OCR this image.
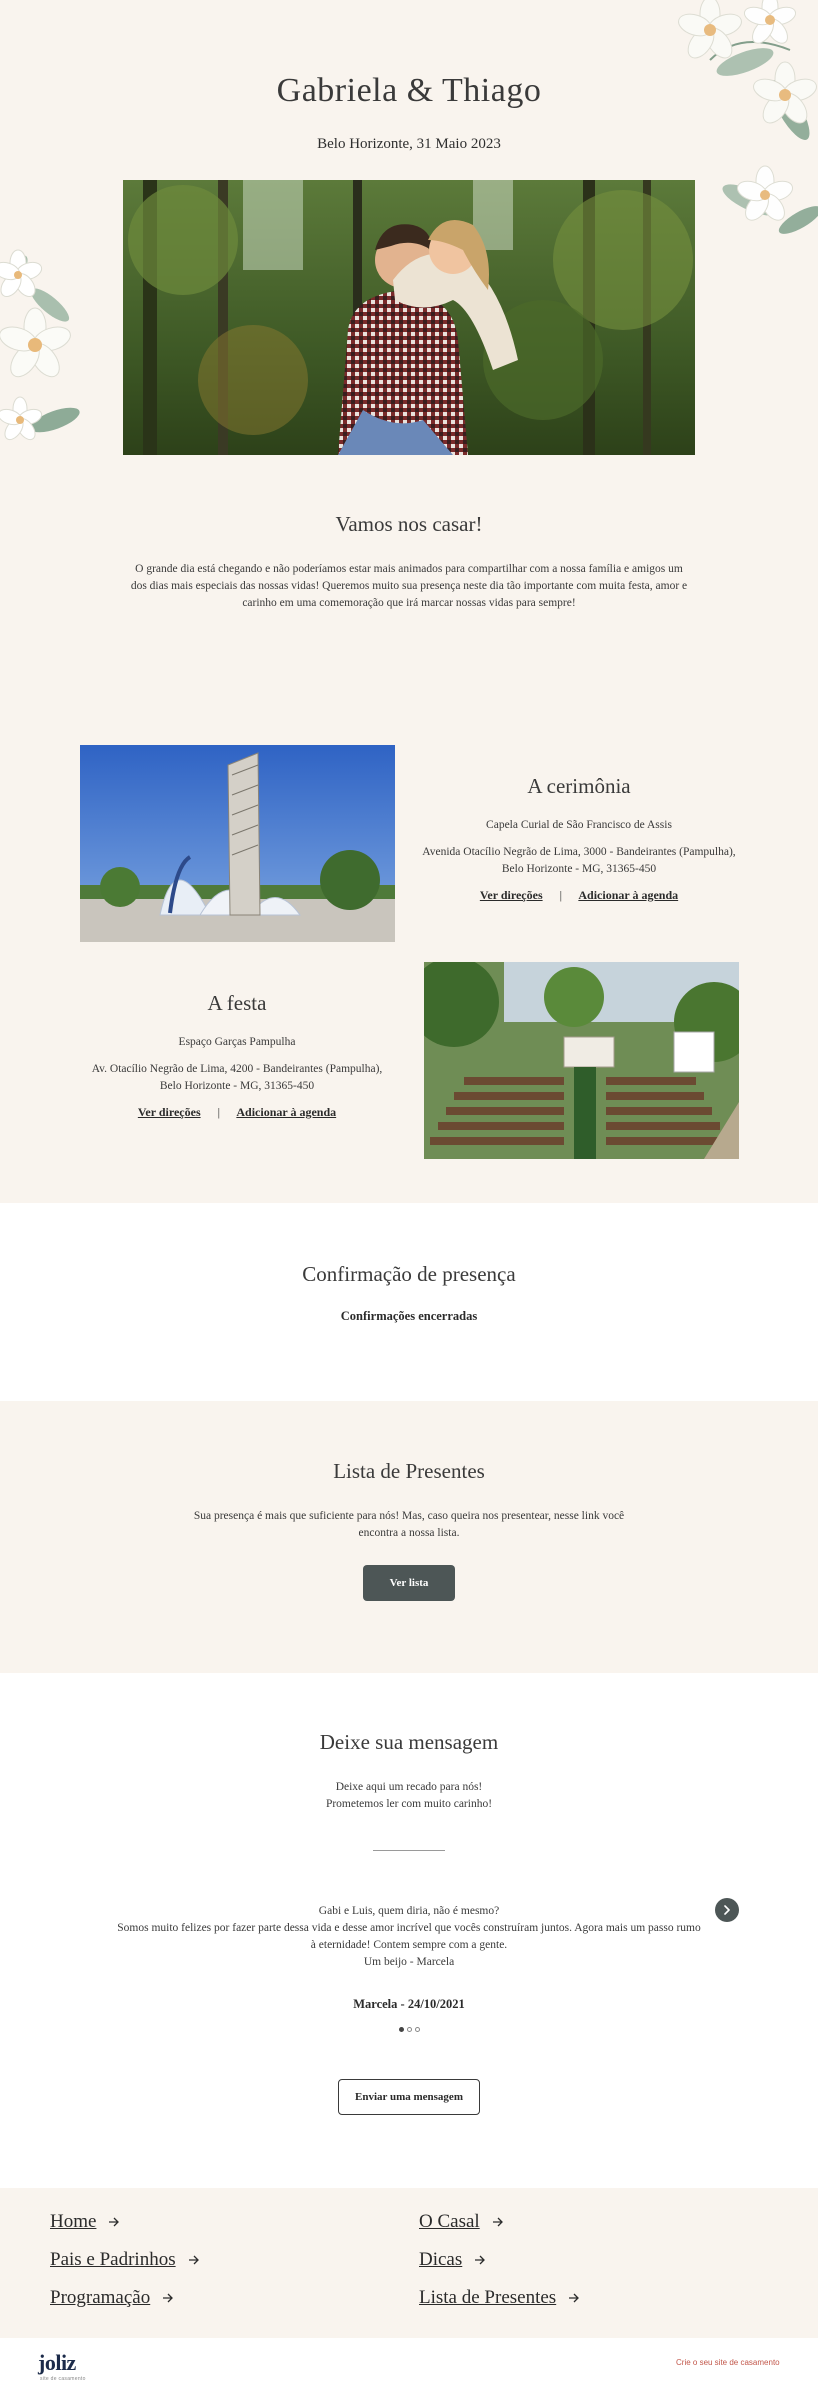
Gabriela & Thiago
Belo Horizonte, 31 Maio 2023
Vamos nos casar!

O grande dia está chegando e não poderíamos estar mais animados para compartilhar com a nossa família e amigos um dos dias mais especiais das nossas vidas! Queremos muito sua presença neste dia tão importante com muita festa, amor e carinho em uma comemoração que irá marcar nossas vidas para sempre!

A cerimônia
Capela Curial de São Francisco de Assis
Avenida Otacílio Negrão de Lima, 3000 - Bandeirantes (Pampulha),
Belo Horizonte - MG, 31365-450
Ver direções | Adicionar à agenda
A festa
Espaço Garças Pampulha
Av. Otacílio Negrão de Lima, 4200 - Bandeirantes (Pampulha),
Belo Horizonte - MG, 31365-450
Ver direções | Adicionar à agenda
Confirmação de presença
Confirmações encerradas
Lista de Presentes

Sua presença é mais que suficiente para nós! Mas, caso queira nos presentear, nesse link você encontra a nossa lista.

Ver lista
Deixe sua mensagem
Deixe aqui um recado para nós!
Prometemos ler com muito carinho!
Gabi e Luis, quem diria, não é mesmo?
Somos muito felizes por fazer parte dessa vida e desse amor incrível que vocês construíram juntos. Agora mais um passo rumo à eternidade! Contem sempre com a gente.
Um beijo - Marcela
Marcela - 24/10/2021
Enviar uma mensagem
Home	O Casal
Pais e Padrinhos	Dicas
Programação	Lista de Presentes
joliz
site de casamento
Crie o seu site de casamento
